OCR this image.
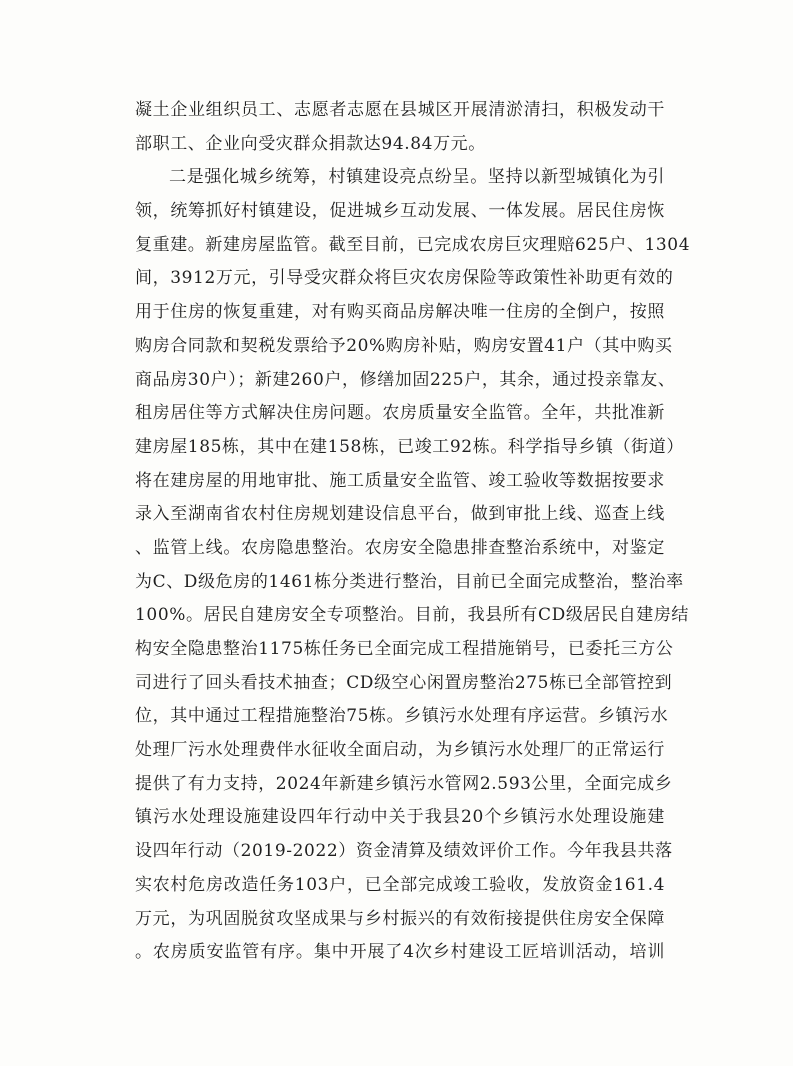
凝土企业组织员工、志愿者志愿在县城区开展清淤清扫，积极发动干
部职工、企业向受灾群众捐款达94.84万元。
二是强化城乡统筹，村镇建设亮点纷呈。坚持以新型城镇化为引
领，统筹抓好村镇建设，促进城乡互动发展、一体发展。居民住房恢
复重建。新建房屋监管。截至目前，已完成农房巨灾理赔625户、1304
间，3912万元，引导受灾群众将巨灾农房保险等政策性补助更有效的
用于住房的恢复重建，对有购买商品房解决唯一住房的全倒户，按照
购房合同款和契税发票给予20%购房补贴，购房安置41户（其中购买
商品房30户）；新建260户，修缮加固225户，其余，通过投亲靠友、
租房居住等方式解决住房问题。农房质量安全监管。全年，共批准新
建房屋185栋，其中在建158栋，已竣工92栋。科学指导乡镇（街道）
将在建房屋的用地审批、施工质量安全监管、竣工验收等数据按要求
录入至湖南省农村住房规划建设信息平台，做到审批上线、巡查上线
、监管上线。农房隐患整治。农房安全隐患排查整治系统中，对鉴定
为C、D级危房的1461栋分类进行整治，目前已全面完成整治，整治率
100%。居民自建房安全专项整治。目前，我县所有CD级居民自建房结
构安全隐患整治1175栋任务已全面完成工程措施销号，已委托三方公
司进行了回头看技术抽查；CD级空心闲置房整治275栋已全部管控到
位，其中通过工程措施整治75栋。乡镇污水处理有序运营。乡镇污水
处理厂污水处理费伴水征收全面启动，为乡镇污水处理厂的正常运行
提供了有力支持，2024年新建乡镇污水管网2.593公里，全面完成乡
镇污水处理设施建设四年行动中关于我县20个乡镇污水处理设施建
设四年行动（2019-2022）资金清算及绩效评价工作。今年我县共落
实农村危房改造任务103户，已全部完成竣工验收，发放资金161.4
万元，为巩固脱贫攻坚成果与乡村振兴的有效衔接提供住房安全保障
。农房质安监管有序。集中开展了4次乡村建设工匠培训活动，培训
